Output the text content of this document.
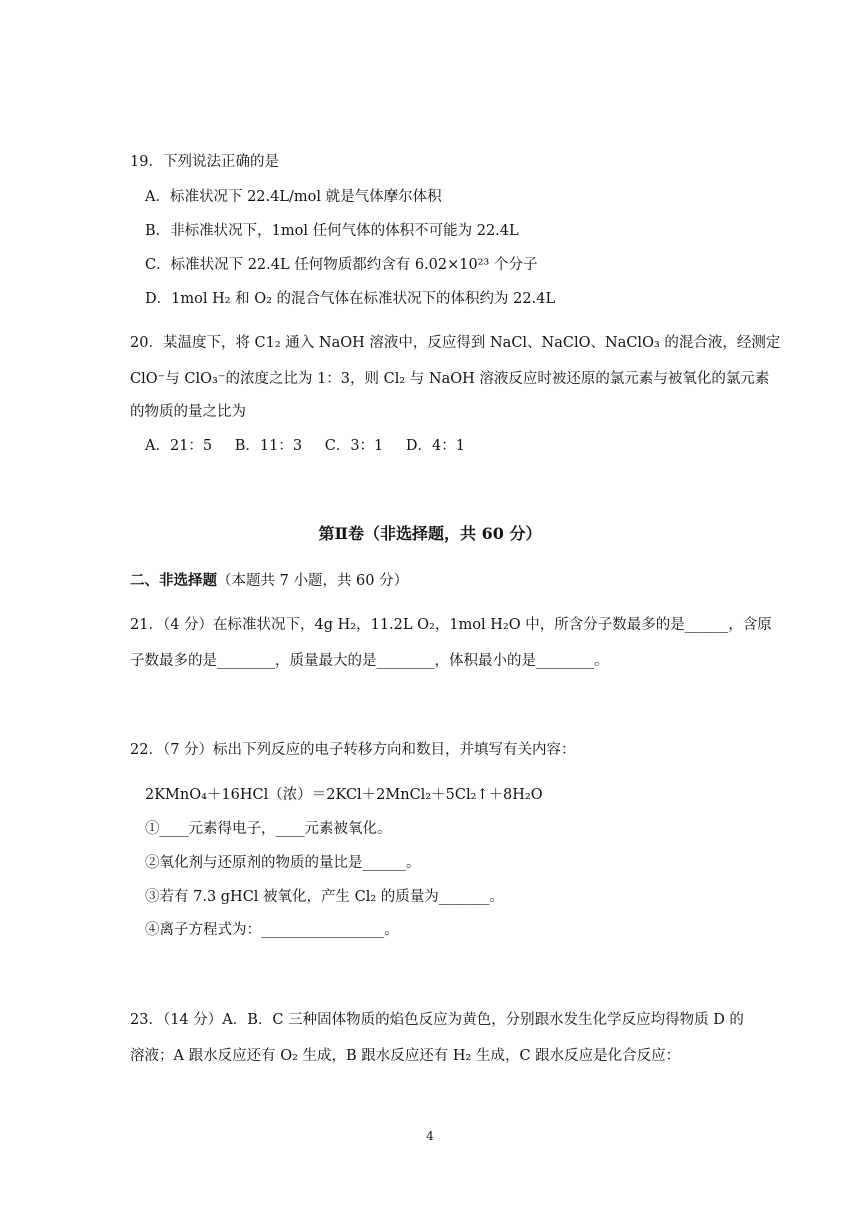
19．下列说法正确的是
A．标准状况下 22.4L/mol 就是气体摩尔体积
B．非标准状况下，1mol 任何气体的体积不可能为 22.4L
C．标准状况下 22.4L 任何物质都约含有 6.02×10²³ 个分子
D．1mol H₂ 和 O₂ 的混合气体在标准状况下的体积约为 22.4L
20．某温度下，将 C1₂ 通入 NaOH 溶液中，反应得到 NaCl、NaClO、NaClO₃ 的混合液，经测定
ClO⁻与 ClO₃⁻的浓度之比为 1：3，则 Cl₂ 与 NaOH 溶液反应时被还原的氯元素与被氧化的氯元素
的物质的量之比为
A．21：5 B．11：3 C．3：1 D．4：1
第Ⅱ卷（非选择题，共 60 分）
二、非选择题（本题共 7 小题，共 60 分）
21．（4 分）在标准状况下，4g H₂，11.2L O₂，1mol H₂O 中，所含分子数最多的是______，含原
子数最多的是________，质量最大的是________，体积最小的是________。
22．（7 分）标出下列反应的电子转移方向和数目，并填写有关内容：
2KMnO₄＋16HCl（浓）＝2KCl＋2MnCl₂＋5Cl₂↑＋8H₂O
①____元素得电子，____元素被氧化。
②氧化剂与还原剂的物质的量比是______。
③若有 7.3 gHCl 被氧化，产生 Cl₂ 的质量为_______。
④离子方程式为：_________________。
23．（14 分）A．B．C 三种固体物质的焰色反应为黄色，分别跟水发生化学反应均得物质 D 的
溶液；A 跟水反应还有 O₂ 生成，B 跟水反应还有 H₂ 生成，C 跟水反应是化合反应：
4
